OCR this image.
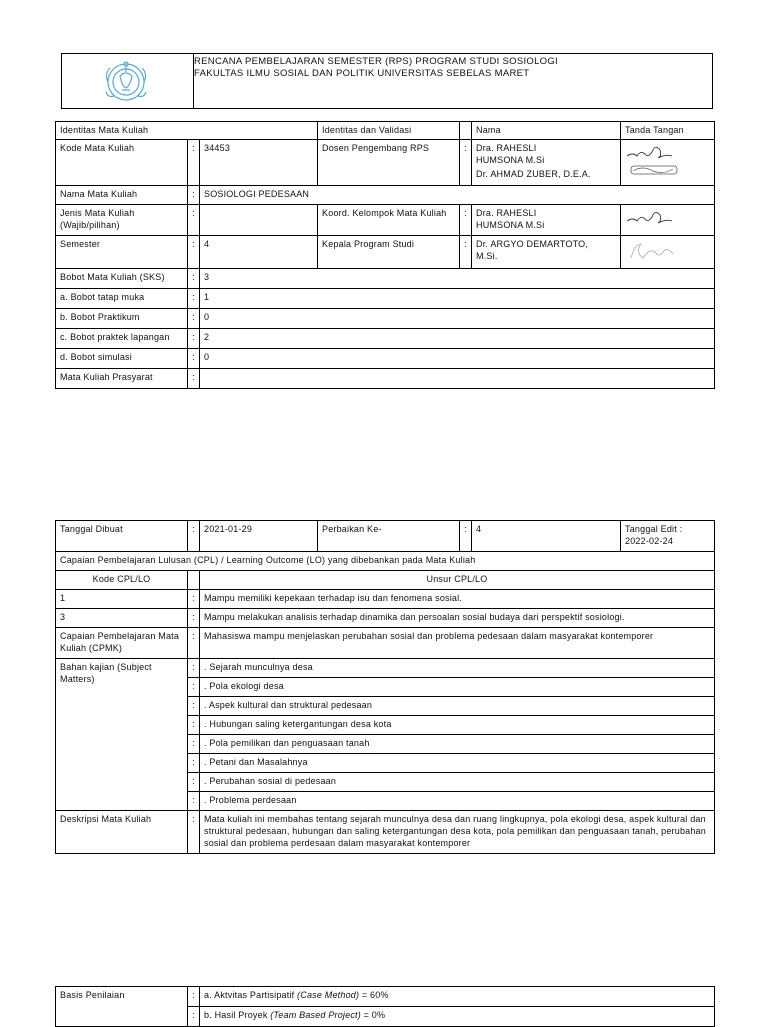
RENCANA PEMBELAJARAN SEMESTER (RPS) PROGRAM STUDI SOSIOLOGI
FAKULTAS ILMU SOSIAL DAN POLITIK UNIVERSITAS SEBELAS MARET
Identitas Mata Kuliah			Identitas dan Validasi		Nama	Tanda Tangan
Kode Mata Kuliah	:	34453	Dosen Pengembang RPS	:	Dra. RAHESLI HUMSONA M.Si
Dr. AHMAD ZUBER, D.E.A.

Nama Mata Kuliah	:	SOSIOLOGI PEDESAAN				
Jenis Mata Kuliah (Wajib/pilihan)	:		Koord. Kelompok Mata Kuliah	:	Dra. RAHESLI HUMSONA M.Si

Semester	:	4	Kepala Program Studi	:	Dr. ARGYO DEMARTOTO, M.Si.

Bobot Mata Kuliah (SKS)	:	3				
a. Bobot tatap muka	:	1				
b. Bobot Praktikum	:	0				
c. Bobot praktek lapangan	:	2				
d. Bobot simulasi	:	0				
Mata Kuliah Prasyarat	:					
Tanggal Dibuat	:	2021-01-29	Perbaikan Ke-	:	4	Tanggal Edit :
2022-02-24

Capaian Pembelajaran Lulusan (CPL) / Learning Outcome (LO) yang dibebankan pada Mata Kuliah						
Kode CPL/LO		Unsur CPL/LO				
1	:	Mampu memiliki kepekaan terhadap isu dan fenomena sosial.				
3	:	Mampu melakukan analisis terhadap dinamika dan persoalan sosial budaya dari perspektif sosiologi.				
Capaian Pembelajaran Mata Kuliah (CPMK)	:	Mahasiswa mampu menjelaskan perubahan sosial dan problema pedesaan dalam masyarakat kontemporer				
Bahan kajian (Subject Matters)	:	. Sejarah munculnya desa				
	:	. Pola ekologi desa				
	:	. Aspek kultural dan struktural pedesaan				
	:	. Hubungan saling ketergantungan desa kota				
	:	. Pola pemilikan dan penguasaan tanah				
	:	. Petani dan Masalahnya				
	:	. Perubahan sosial di pedesaan				
	:	. Problema perdesaan				
Deskripsi Mata Kuliah	:	Mata kuliah ini membahas tentang sejarah munculnya desa dan ruang lingkupnya, pola ekologi desa, aspek kultural dan struktural pedesaan, hubungan dan saling ketergantungan desa kota, pola pemilikan dan penguasaan tanah, perubahan sosial dan problema perdesaan dalam masyarakat kontemporer				
Basis Penilaian	:	a. Aktvitas Partisipatif (Case Method) = 60%
	:	b. Hasil Proyek (Team Based Project) = 0%
